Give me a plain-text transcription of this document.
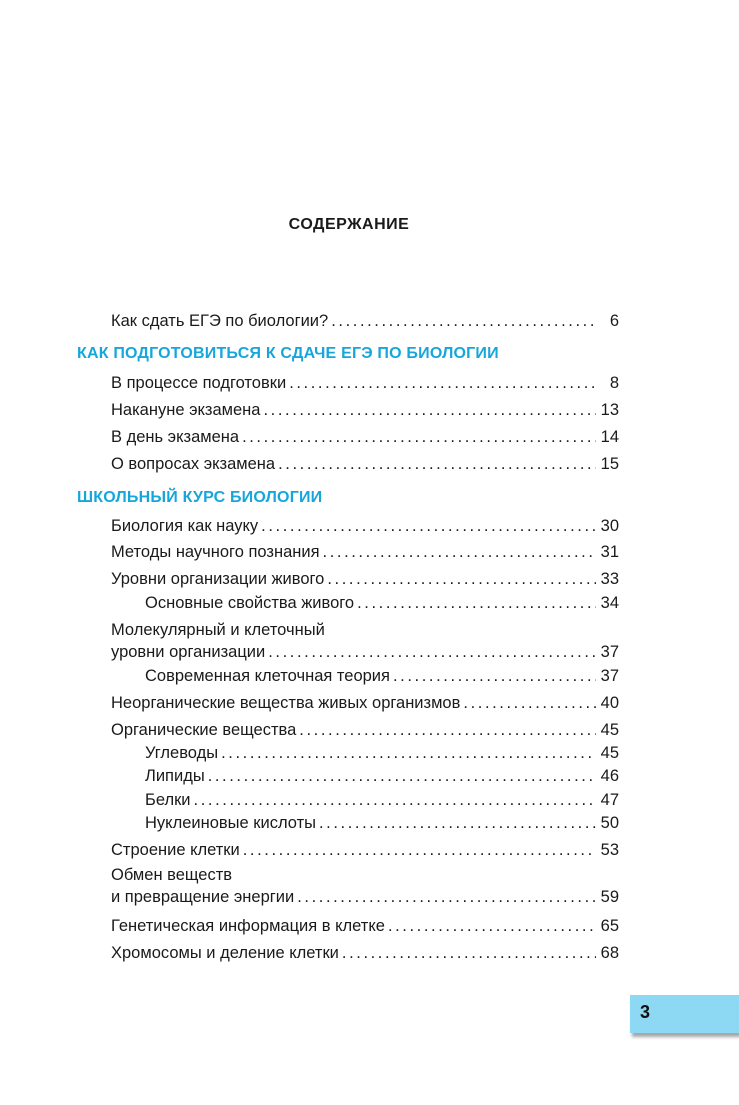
СОДЕРЖАНИЕ
Как сдать ЕГЭ по биологии? .....	6
КАК ПОДГОТОВИТЬСЯ К СДАЧЕ ЕГЭ ПО БИОЛОГИИ
В процессе подготовки .....	8
Накануне экзамена .....	13
В день экзамена .....	14
О вопросах экзамена .....	15
ШКОЛЬНЫЙ КУРС БИОЛОГИИ
Биология как науку .....	30
Методы научного познания .....	31
Уровни организации живого .....	33
Основные свойства живого .....	34
Молекулярный и клеточный
уровни организации .....	37
Современная клеточная теория .....	37
Неорганические вещества живых организмов .....	40
Органические вещества .....	45
Углеводы .....	45
Липиды .....	46
Белки .....	47
Нуклеиновые кислоты .....	50
Строение клетки .....	53
Обмен веществ
и превращение энергии .....	59
Генетическая информация в клетке .....	65
Хромосомы и деление клетки .....	68
3
